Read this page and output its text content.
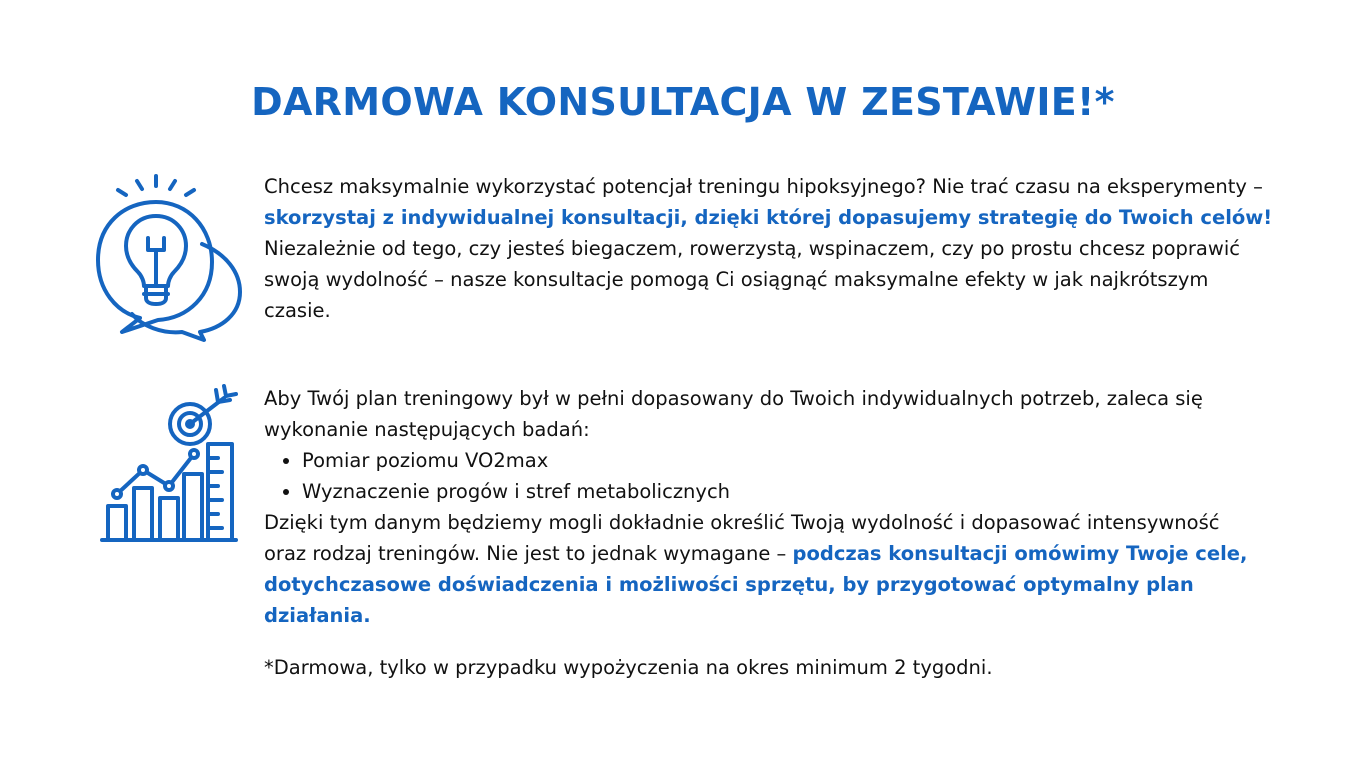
DARMOWA KONSULTACJA W ZESTAWIE!*

Chcesz maksymalnie wykorzystać potencjał treningu hipoksyjnego? Nie trać czasu na eksperymenty – skorzystaj z indywidualnej konsultacji, dzięki której dopasujemy strategię do Twoich celów!

Niezależnie od tego, czy jesteś biegaczem, rowerzystą, wspinaczem, czy po prostu chcesz poprawić swoją wydolność – nasze konsultacje pomogą Ci osiągnąć maksymalne efekty w jak najkrótszym czasie.

Aby Twój plan treningowy był w pełni dopasowany do Twoich indywidualnych potrzeb, zaleca się wykonanie następujących badań:

• Pomiar poziomu VO2max
• Wyznaczenie progów i stref metabolicznych

Dzięki tym danym będziemy mogli dokładnie określić Twoją wydolność i dopasować intensywność oraz rodzaj treningów. Nie jest to jednak wymagane – podczas konsultacji omówimy Twoje cele, dotychczasowe doświadczenia i możliwości sprzętu, by przygotować optymalny plan działania.

*Darmowa, tylko w przypadku wypożyczenia na okres minimum 2 tygodni.
